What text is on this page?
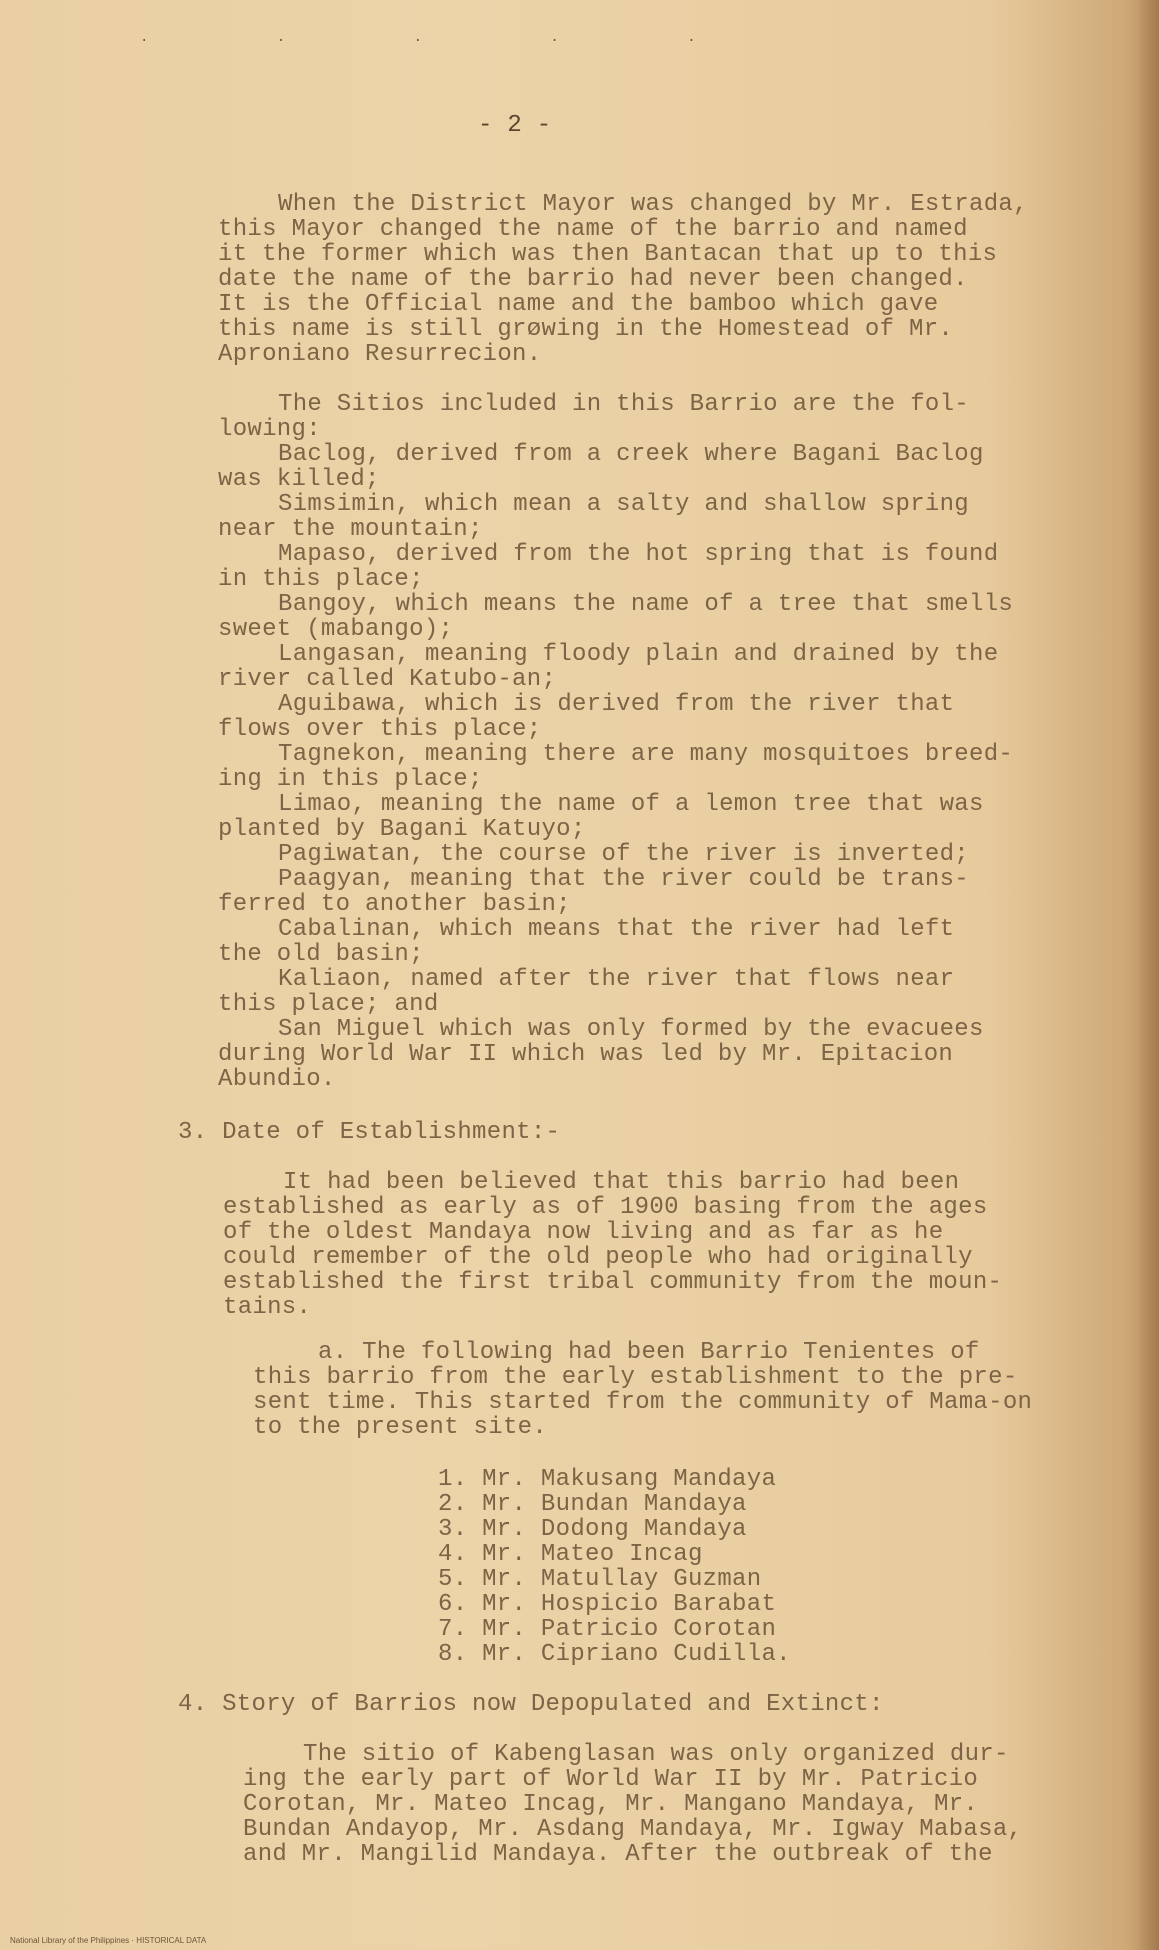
. . . . .
- 2 -
When the District Mayor was changed by Mr. Estrada,
this Mayor changed the name of the barrio and named
it the former which was then Bantacan that up to this
date the name of the barrio had never been changed.
It is the Official name and the bamboo which gave
this name is still grøwing in the Homestead of Mr.
Aproniano Resurrecion.
The Sitios included in this Barrio are the fol-
lowing:
Baclog, derived from a creek where Bagani Baclog
was killed;
Simsimin, which mean a salty and shallow spring
near the mountain;
Mapaso, derived from the hot spring that is found
in this place;
Bangoy, which means the name of a tree that smells
sweet (mabango);
Langasan, meaning floody plain and drained by the
river called Katubo-an;
Aguibawa, which is derived from the river that
flows over this place;
Tagnekon, meaning there are many mosquitoes breed-
ing in this place;
Limao, meaning the name of a lemon tree that was
planted by Bagani Katuyo;
Pagiwatan, the course of the river is inverted;
Paagyan, meaning that the river could be trans-
ferred to another basin;
Cabalinan, which means that the river had left
the old basin;
Kaliaon, named after the river that flows near
this place; and
San Miguel which was only formed by the evacuees
during World War II which was led by Mr. Epitacion
Abundio.
3. Date of Establishment:-
It had been believed that this barrio had been
established as early as of 1900 basing from the ages
of the oldest Mandaya now living and as far as he
could remember of the old people who had originally
established the first tribal community from the moun-
tains.
a. The following had been Barrio Tenientes of
this barrio from the early establishment to the pre-
sent time. This started from the community of Mama-on
to the present site.
1. Mr. Makusang Mandaya
2. Mr. Bundan Mandaya
3. Mr. Dodong Mandaya
4. Mr. Mateo Incag
5. Mr. Matullay Guzman
6. Mr. Hospicio Barabat
7. Mr. Patricio Corotan
8. Mr. Cipriano Cudilla.
4. Story of Barrios now Depopulated and Extinct:
The sitio of Kabenglasan was only organized dur-
ing the early part of World War II by Mr. Patricio
Corotan, Mr. Mateo Incag, Mr. Mangano Mandaya, Mr.
Bundan Andayop, Mr. Asdang Mandaya, Mr. Igway Mabasa,
and Mr. Mangilid Mandaya. After the outbreak of the
National Library of the Philippines · HISTORICAL DATA
